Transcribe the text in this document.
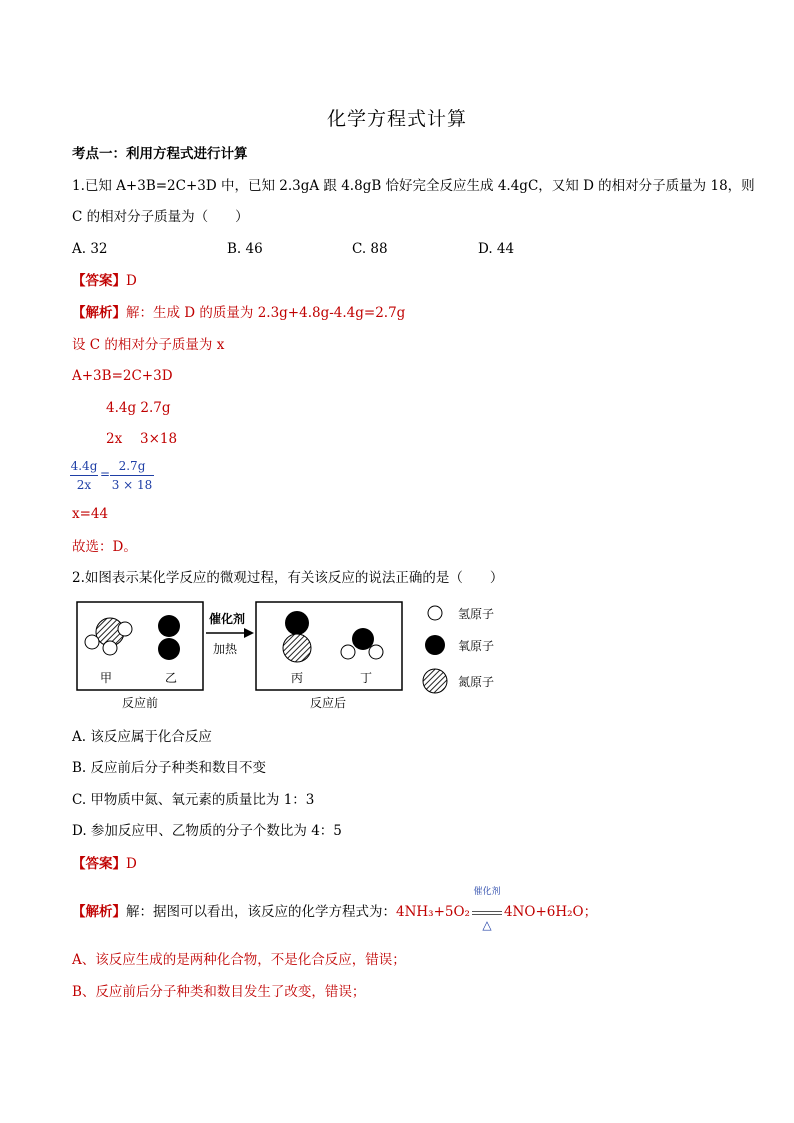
化学方程式计算
考点一：利用方程式进行计算
1.已知 A+3B=2C+3D 中，已知 2.3gA 跟 4.8gB 恰好完全反应生成 4.4gC，又知 D 的相对分子质量为 18，则
C 的相对分子质量为（　　）
A. 32	B. 46	C. 88	D. 44
【答案】D
【解析】解：生成 D 的质量为 2.3g+4.8g-4.4g=2.7g
设 C 的相对分子质量为 x
A+3B=2C+3D
4.4g 2.7g
2x　 3×18
4.4g
2x
=
2.7g
3 × 18
x=44
故选：D。
2.如图表示某化学反应的微观过程，有关该反应的说法正确的是（　　）
甲	乙
反应前
催化剂
加热
丙	丁
反应后
氢原子
氧原子
氮原子
A. 该反应属于化合反应
B. 反应前后分子种类和数目不变
C. 甲物质中氮、氧元素的质量比为 1：3
D. 参加反应甲、乙物质的分子个数比为 4：5
【答案】D
【解析】解：据图可以看出，该反应的化学方程式为：4NH₃+5O₂
催化剂
△
4NO+6H₂O；
A、该反应生成的是两种化合物，不是化合反应，错误；
B、反应前后分子种类和数目发生了改变，错误；
